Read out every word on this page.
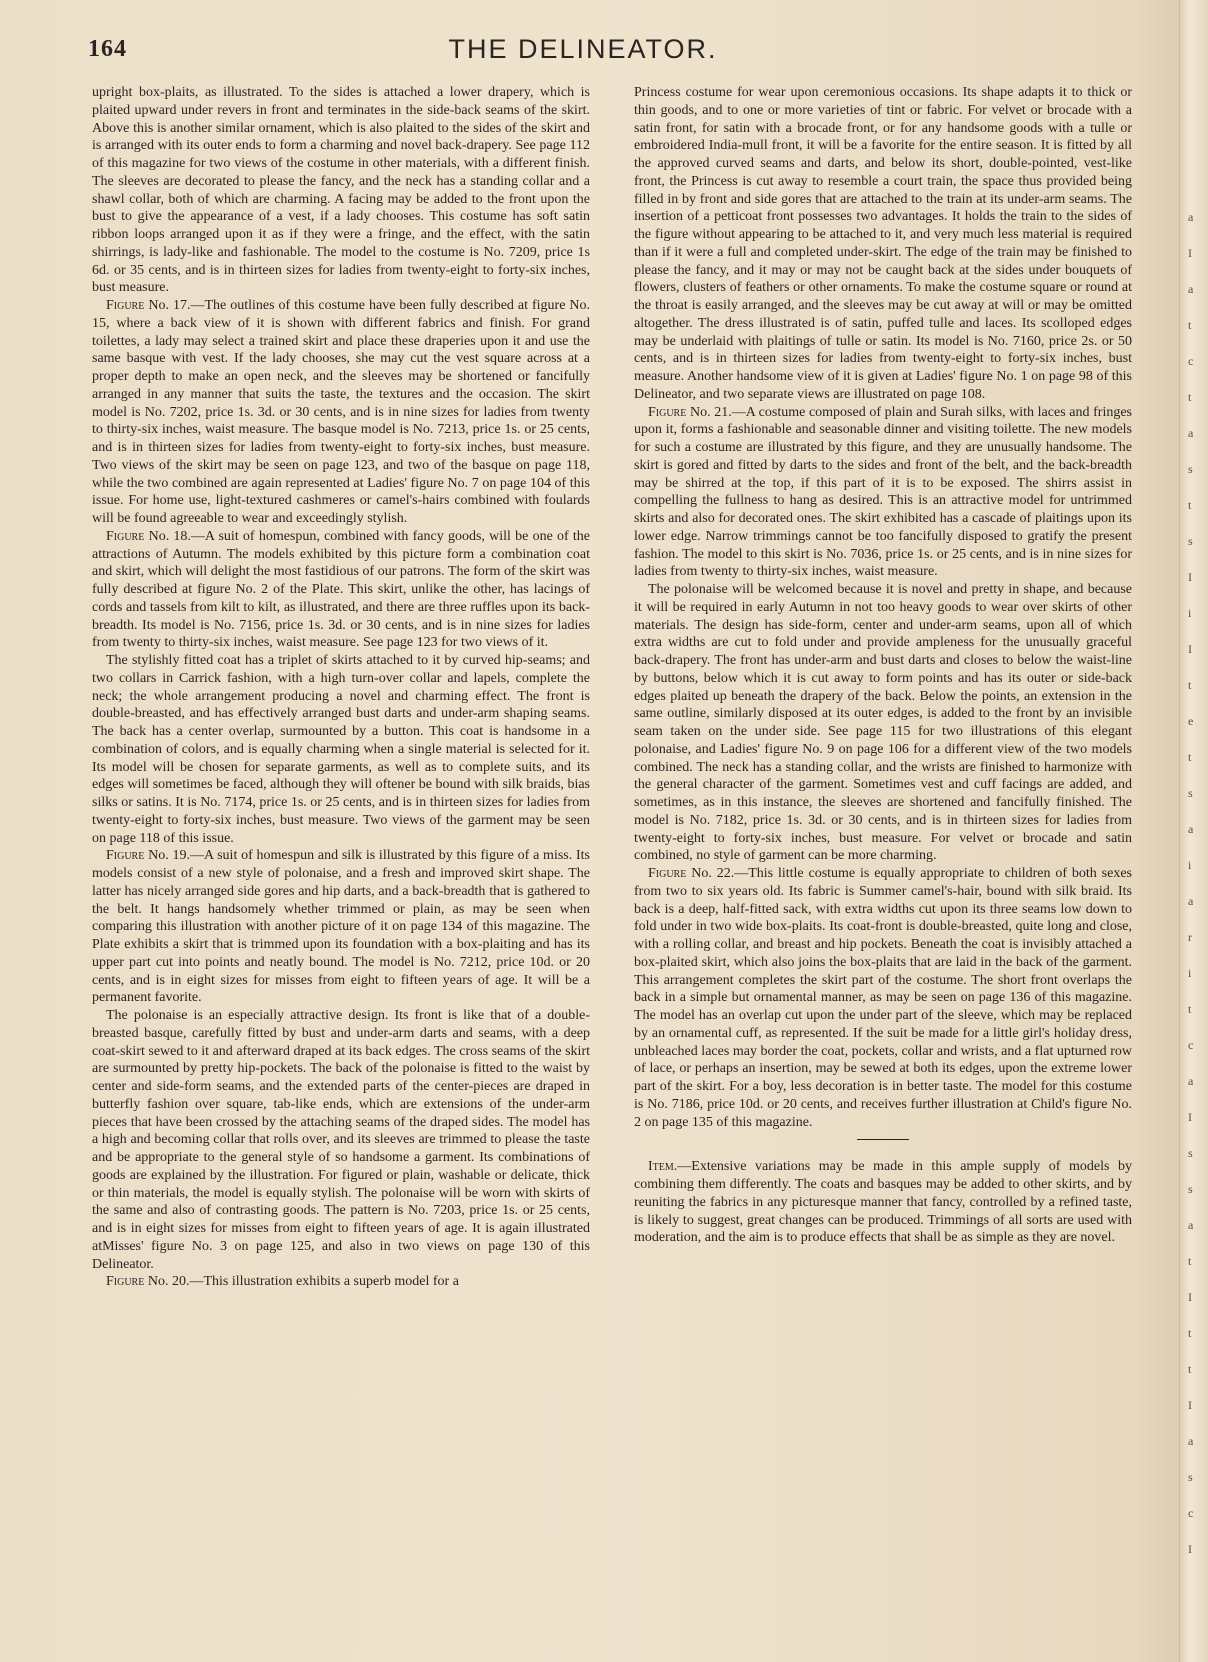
164	THE DELINEATOR.

upright box-plaits, as illustrated. To the sides is attached a lower drapery, which is plaited upward under revers in front and terminates in the side-back seams of the skirt. Above this is another similar ornament, which is also plaited to the sides of the skirt and is arranged with its outer ends to form a charming and novel back-drapery. See page 112 of this magazine for two views of the costume in other materials, with a different finish. The sleeves are decorated to please the fancy, and the neck has a standing collar and a shawl collar, both of which are charming. A facing may be added to the front upon the bust to give the appearance of a vest, if a lady chooses. This costume has soft satin ribbon loops arranged upon it as if they were a fringe, and the effect, with the satin shirrings, is lady-like and fashionable. The model to the costume is No. 7209, price 1s 6d. or 35 cents, and is in thirteen sizes for ladies from twenty-eight to forty-six inches, bust measure.

Figure No. 17.—The outlines of this costume have been fully described at figure No. 15, where a back view of it is shown with different fabrics and finish. For grand toilettes, a lady may select a trained skirt and place these draperies upon it and use the same basque with vest. If the lady chooses, she may cut the vest square across at a proper depth to make an open neck, and the sleeves may be shortened or fancifully arranged in any manner that suits the taste, the textures and the occasion. The skirt model is No. 7202, price 1s. 3d. or 30 cents, and is in nine sizes for ladies from twenty to thirty-six inches, waist measure. The basque model is No. 7213, price 1s. or 25 cents, and is in thirteen sizes for ladies from twenty-eight to forty-six inches, bust measure. Two views of the skirt may be seen on page 123, and two of the basque on page 118, while the two combined are again represented at Ladies' figure No. 7 on page 104 of this issue. For home use, light-textured cashmeres or camel's-hairs combined with foulards will be found agreeable to wear and exceedingly stylish.

Figure No. 18.—A suit of homespun, combined with fancy goods, will be one of the attractions of Autumn. The models exhibited by this picture form a combination coat and skirt, which will delight the most fastidious of our patrons. The form of the skirt was fully described at figure No. 2 of the Plate. This skirt, unlike the other, has lacings of cords and tassels from kilt to kilt, as illustrated, and there are three ruffles upon its back-breadth. Its model is No. 7156, price 1s. 3d. or 30 cents, and is in nine sizes for ladies from twenty to thirty-six inches, waist measure. See page 123 for two views of it.

The stylishly fitted coat has a triplet of skirts attached to it by curved hip-seams; and two collars in Carrick fashion, with a high turn-over collar and lapels, complete the neck; the whole arrangement producing a novel and charming effect. The front is double-breasted, and has effectively arranged bust darts and under-arm shaping seams. The back has a center overlap, surmounted by a button. This coat is handsome in a combination of colors, and is equally charming when a single material is selected for it. Its model will be chosen for separate garments, as well as to complete suits, and its edges will sometimes be faced, although they will oftener be bound with silk braids, bias silks or satins. It is No. 7174, price 1s. or 25 cents, and is in thirteen sizes for ladies from twenty-eight to forty-six inches, bust measure. Two views of the garment may be seen on page 118 of this issue.

Figure No. 19.—A suit of homespun and silk is illustrated by this figure of a miss. Its models consist of a new style of polonaise, and a fresh and improved skirt shape. The latter has nicely arranged side gores and hip darts, and a back-breadth that is gathered to the belt. It hangs handsomely whether trimmed or plain, as may be seen when comparing this illustration with another picture of it on page 134 of this magazine. The Plate exhibits a skirt that is trimmed upon its foundation with a box-plaiting and has its upper part cut into points and neatly bound. The model is No. 7212, price 10d. or 20 cents, and is in eight sizes for misses from eight to fifteen years of age. It will be a permanent favorite.

The polonaise is an especially attractive design. Its front is like that of a double-breasted basque, carefully fitted by bust and under-arm darts and seams, with a deep coat-skirt sewed to it and afterward draped at its back edges. The cross seams of the skirt are surmounted by pretty hip-pockets. The back of the polonaise is fitted to the waist by center and side-form seams, and the extended parts of the center-pieces are draped in butterfly fashion over square, tab-like ends, which are extensions of the under-arm pieces that have been crossed by the attaching seams of the draped sides. The model has a high and becoming collar that rolls over, and its sleeves are trimmed to please the taste and be appropriate to the general style of so handsome a garment. Its combinations of goods are explained by the illustration. For figured or plain, washable or delicate, thick or thin materials, the model is equally stylish. The polonaise will be worn with skirts of the same and also of contrasting goods. The pattern is No. 7203, price 1s. or 25 cents, and is in eight sizes for misses from eight to fifteen years of age. It is again illustrated atMisses' figure No. 3 on page 125, and also in two views on page 130 of this Delineator.

Figure No. 20.—This illustration exhibits a superb model for a

Princess costume for wear upon ceremonious occasions. Its shape adapts it to thick or thin goods, and to one or more varieties of tint or fabric. For velvet or brocade with a satin front, for satin with a brocade front, or for any handsome goods with a tulle or embroidered India-mull front, it will be a favorite for the entire season. It is fitted by all the approved curved seams and darts, and below its short, double-pointed, vest-like front, the Princess is cut away to resemble a court train, the space thus provided being filled in by front and side gores that are attached to the train at its under-arm seams. The insertion of a petticoat front possesses two advantages. It holds the train to the sides of the figure without appearing to be attached to it, and very much less material is required than if it were a full and completed under-skirt. The edge of the train may be finished to please the fancy, and it may or may not be caught back at the sides under bouquets of flowers, clusters of feathers or other ornaments. To make the costume square or round at the throat is easily arranged, and the sleeves may be cut away at will or may be omitted altogether. The dress illustrated is of satin, puffed tulle and laces. Its scolloped edges may be underlaid with plaitings of tulle or satin. Its model is No. 7160, price 2s. or 50 cents, and is in thirteen sizes for ladies from twenty-eight to forty-six inches, bust measure. Another handsome view of it is given at Ladies' figure No. 1 on page 98 of this Delineator, and two separate views are illustrated on page 108.

Figure No. 21.—A costume composed of plain and Surah silks, with laces and fringes upon it, forms a fashionable and seasonable dinner and visiting toilette. The new models for such a costume are illustrated by this figure, and they are unusually handsome. The skirt is gored and fitted by darts to the sides and front of the belt, and the back-breadth may be shirred at the top, if this part of it is to be exposed. The shirrs assist in compelling the fullness to hang as desired. This is an attractive model for untrimmed skirts and also for decorated ones. The skirt exhibited has a cascade of plaitings upon its lower edge. Narrow trimmings cannot be too fancifully disposed to gratify the present fashion. The model to this skirt is No. 7036, price 1s. or 25 cents, and is in nine sizes for ladies from twenty to thirty-six inches, waist measure.

The polonaise will be welcomed because it is novel and pretty in shape, and because it will be required in early Autumn in not too heavy goods to wear over skirts of other materials. The design has side-form, center and under-arm seams, upon all of which extra widths are cut to fold under and provide ampleness for the unusually graceful back-drapery. The front has under-arm and bust darts and closes to below the waist-line by buttons, below which it is cut away to form points and has its outer or side-back edges plaited up beneath the drapery of the back. Below the points, an extension in the same outline, similarly disposed at its outer edges, is added to the front by an invisible seam taken on the under side. See page 115 for two illustrations of this elegant polonaise, and Ladies' figure No. 9 on page 106 for a different view of the two models combined. The neck has a standing collar, and the wrists are finished to harmonize with the general character of the garment. Sometimes vest and cuff facings are added, and sometimes, as in this instance, the sleeves are shortened and fancifully finished. The model is No. 7182, price 1s. 3d. or 30 cents, and is in thirteen sizes for ladies from twenty-eight to forty-six inches, bust measure. For velvet or brocade and satin combined, no style of garment can be more charming.

Figure No. 22.—This little costume is equally appropriate to children of both sexes from two to six years old. Its fabric is Summer camel's-hair, bound with silk braid. Its back is a deep, half-fitted sack, with extra widths cut upon its three seams low down to fold under in two wide box-plaits. Its coat-front is double-breasted, quite long and close, with a rolling collar, and breast and hip pockets. Beneath the coat is invisibly attached a box-plaited skirt, which also joins the box-plaits that are laid in the back of the garment. This arrangement completes the skirt part of the costume. The short front overlaps the back in a simple but ornamental manner, as may be seen on page 136 of this magazine. The model has an overlap cut upon the under part of the sleeve, which may be replaced by an ornamental cuff, as represented. If the suit be made for a little girl's holiday dress, unbleached laces may border the coat, pockets, collar and wrists, and a flat upturned row of lace, or perhaps an insertion, may be sewed at both its edges, upon the extreme lower part of the skirt. For a boy, less decoration is in better taste. The model for this costume is No. 7186, price 10d. or 20 cents, and receives further illustration at Child's figure No. 2 on page 135 of this magazine.

Item.—Extensive variations may be made in this ample supply of models by combining them differently. The coats and basques may be added to other skirts, and by reuniting the fabrics in any picturesque manner that fancy, controlled by a refined taste, is likely to suggest, great changes can be produced. Trimmings of all sorts are used with moderation, and the aim is to produce effects that shall be as simple as they are novel.

a
I
a
t
c
t
a
s
t
s
I
i
I
t
e
t
s
a
i
a
r
i
t
c
a
I
s
s
a
t
I
t
t
I
a
s
c
I
